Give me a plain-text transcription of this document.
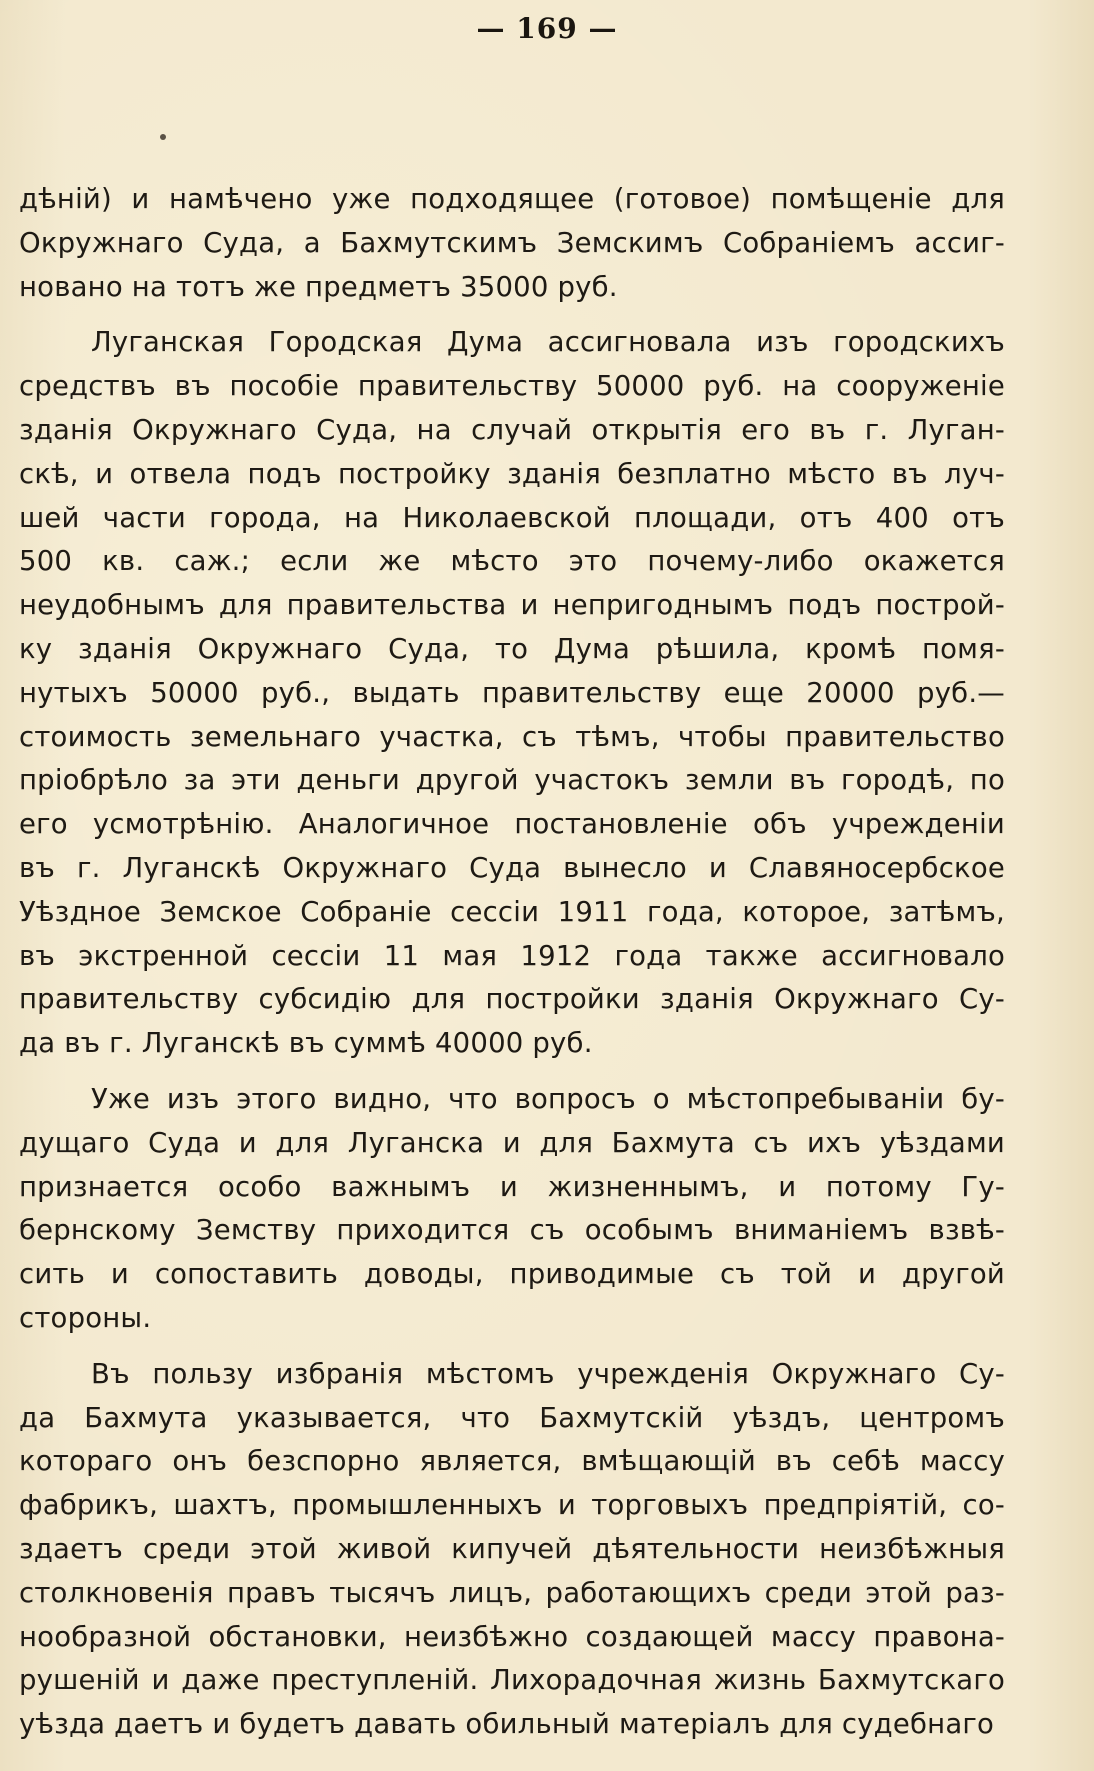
— 169 —
дѣній) и намѣчено уже подходящее (готовое) помѣщеніе для
Окружнаго Суда, а Бахмутскимъ Земскимъ Собраніемъ ассиг-
новано на тотъ же предметъ 35000 руб.
Луганская Городская Дума ассигновала изъ городскихъ
средствъ въ пособіе правительству 50000 руб. на сооруженіе
зданія Окружнаго Суда, на случай открытія его въ г. Луган-
скѣ, и отвела подъ постройку зданія безплатно мѣсто въ луч-
шей части города, на Николаевской площади, отъ 400 отъ
500 кв. саж.; если же мѣсто это почему-либо окажется
неудобнымъ для правительства и непригоднымъ подъ построй-
ку зданія Окружнаго Суда, то Дума рѣшила, кромѣ помя-
нутыхъ 50000 руб., выдать правительству еще 20000 руб.—
стоимость земельнаго участка, съ тѣмъ, чтобы правительство
пріобрѣло за эти деньги другой участокъ земли въ городѣ, по
его усмотрѣнію. Аналогичное постановленіе объ учрежденіи
въ г. Луганскѣ Окружнаго Суда вынесло и Славяносербское
Уѣздное Земское Собраніе сессіи 1911 года, которое, затѣмъ,
въ экстренной сессіи 11 мая 1912 года также ассигновало
правительству субсидію для постройки зданія Окружнаго Су-
да въ г. Луганскѣ въ суммѣ 40000 руб.
Уже изъ этого видно, что вопросъ о мѣстопребываніи бу-
дущаго Суда и для Луганска и для Бахмута съ ихъ уѣздами
признается особо важнымъ и жизненнымъ, и потому Гу-
бернскому Земству приходится съ особымъ вниманіемъ взвѣ-
сить и сопоставить доводы, приводимые съ той и другой
стороны.
Въ пользу избранія мѣстомъ учрежденія Окружнаго Су-
да Бахмута указывается, что Бахмутскій уѣздъ, центромъ
котораго онъ безспорно является, вмѣщающій въ себѣ массу
фабрикъ, шахтъ, промышленныхъ и торговыхъ предпріятій, со-
здаетъ среди этой живой кипучей дѣятельности неизбѣжныя
столкновенія правъ тысячъ лицъ, работающихъ среди этой раз-
нообразной обстановки, неизбѣжно создающей массу правона-
рушеній и даже преступленій. Лихорадочная жизнь Бахмутскаго
уѣзда даетъ и будетъ давать обильный матеріалъ для судебнаго
